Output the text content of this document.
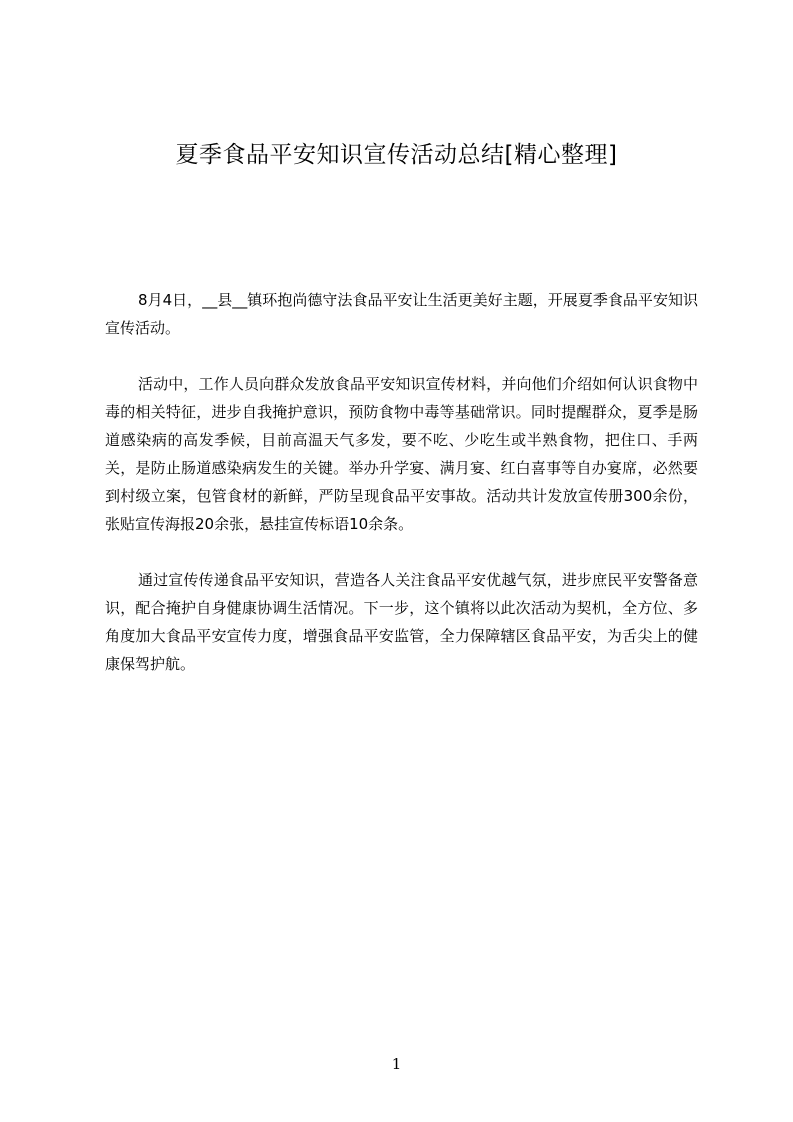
夏季食品平安知识宣传活动总结[精心整理]

8月4日，__县__镇环抱尚德守法食品平安让生活更美好主题，开展夏季食品平安知识宣传活动。

活动中，工作人员向群众发放食品平安知识宣传材料，并向他们介绍如何认识食物中毒的相关特征，进步自我掩护意识，预防食物中毒等基础常识。同时提醒群众，夏季是肠道感染病的高发季候，目前高温天气多发，要不吃、少吃生或半熟食物，把住口、手两关，是防止肠道感染病发生的关键。举办升学宴、满月宴、红白喜事等自办宴席，必然要到村级立案，包管食材的新鲜，严防呈现食品平安事故。活动共计发放宣传册300余份，张贴宣传海报20余张，悬挂宣传标语10余条。

通过宣传传递食品平安知识，营造各人关注食品平安优越气氛，进步庶民平安警备意识，配合掩护自身健康协调生活情况。下一步，这个镇将以此次活动为契机，全方位、多角度加大食品平安宣传力度，增强食品平安监管，全力保障辖区食品平安，为舌尖上的健康保驾护航。

1
